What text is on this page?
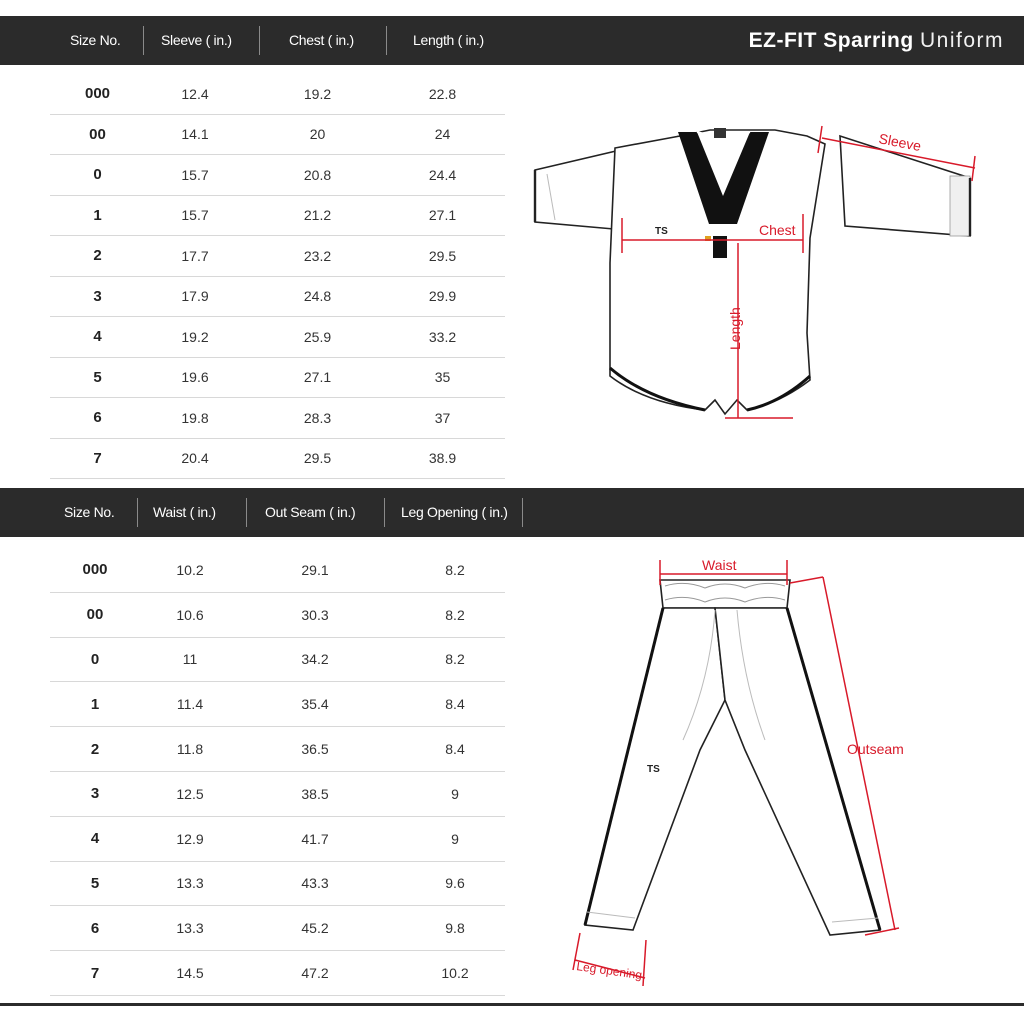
Size No.	Sleeve ( in.)	Chest ( in.)	Length ( in.)	EZ-FIT Sparring Uniform
000	12.4	19.2	22.8
00	14.1	20	24
0	15.7	20.8	24.4
1	15.7	21.2	27.1
2	17.7	23.2	29.5
3	17.9	24.8	29.9
4	19.2	25.9	33.2
5	19.6	27.1	35
6	19.8	28.3	37
7	20.4	29.5	38.9
TS	Chest
Length
Sleeve
Size No.	Waist ( in.)	Out Seam ( in.)	Leg Opening ( in.)
000	10.2	29.1	8.2
00	10.6	30.3	8.2
0	11	34.2	8.2
1	11.4	35.4	8.4
2	11.8	36.5	8.4
3	12.5	38.5	9
4	12.9	41.7	9
5	13.3	43.3	9.6
6	13.3	45.2	9.8
7	14.5	47.2	10.2
TS
Waist
Outseam
Leg opening
